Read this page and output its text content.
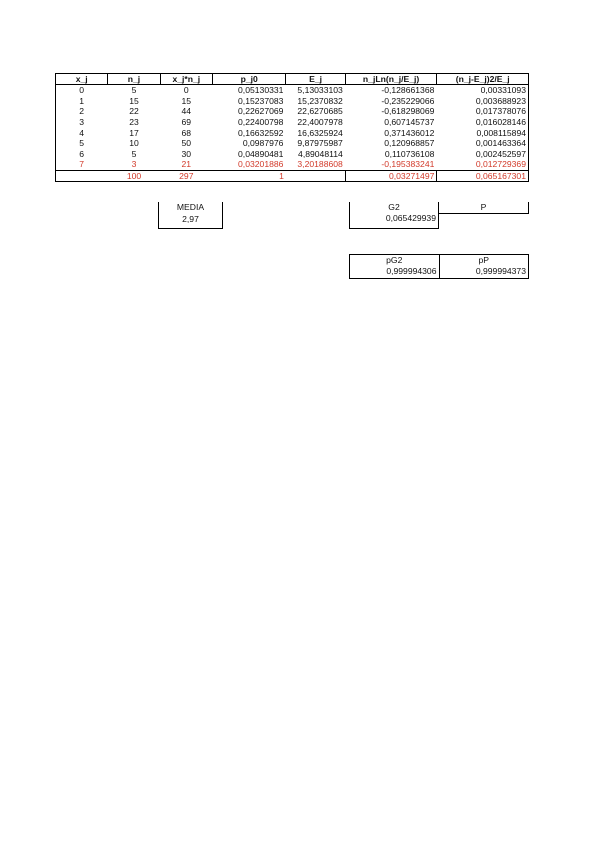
x_j	n_j	x_j*n_j	p_j0	E_j	n_jLn(n_j/E_j)	(n_j-E_j)2/E_j
0	5	0	0,05130331	5,13033103	-0,128661368	0,00331093
1	15	15	0,15237083	15,2370832	-0,235229066	0,003688923
2	22	44	0,22627069	22,6270685	-0,618298069	0,017378076
3	23	69	0,22400798	22,4007978	0,607145737	0,016028146
4	17	68	0,16632592	16,6325924	0,371436012	0,008115894
5	10	50	0,0987976	9,87975987	0,120968857	0,001463364
6	5	30	0,04890481	4,89048114	0,110736108	0,002452597
7	3	21	0,03201886	3,20188608	-0,195383241	0,012729369
	100	297	1		0,03271497	0,065167301
MEDIA
2,97
G2
0,065429939
P
pG2
0,999994306
pP
0,999994373
